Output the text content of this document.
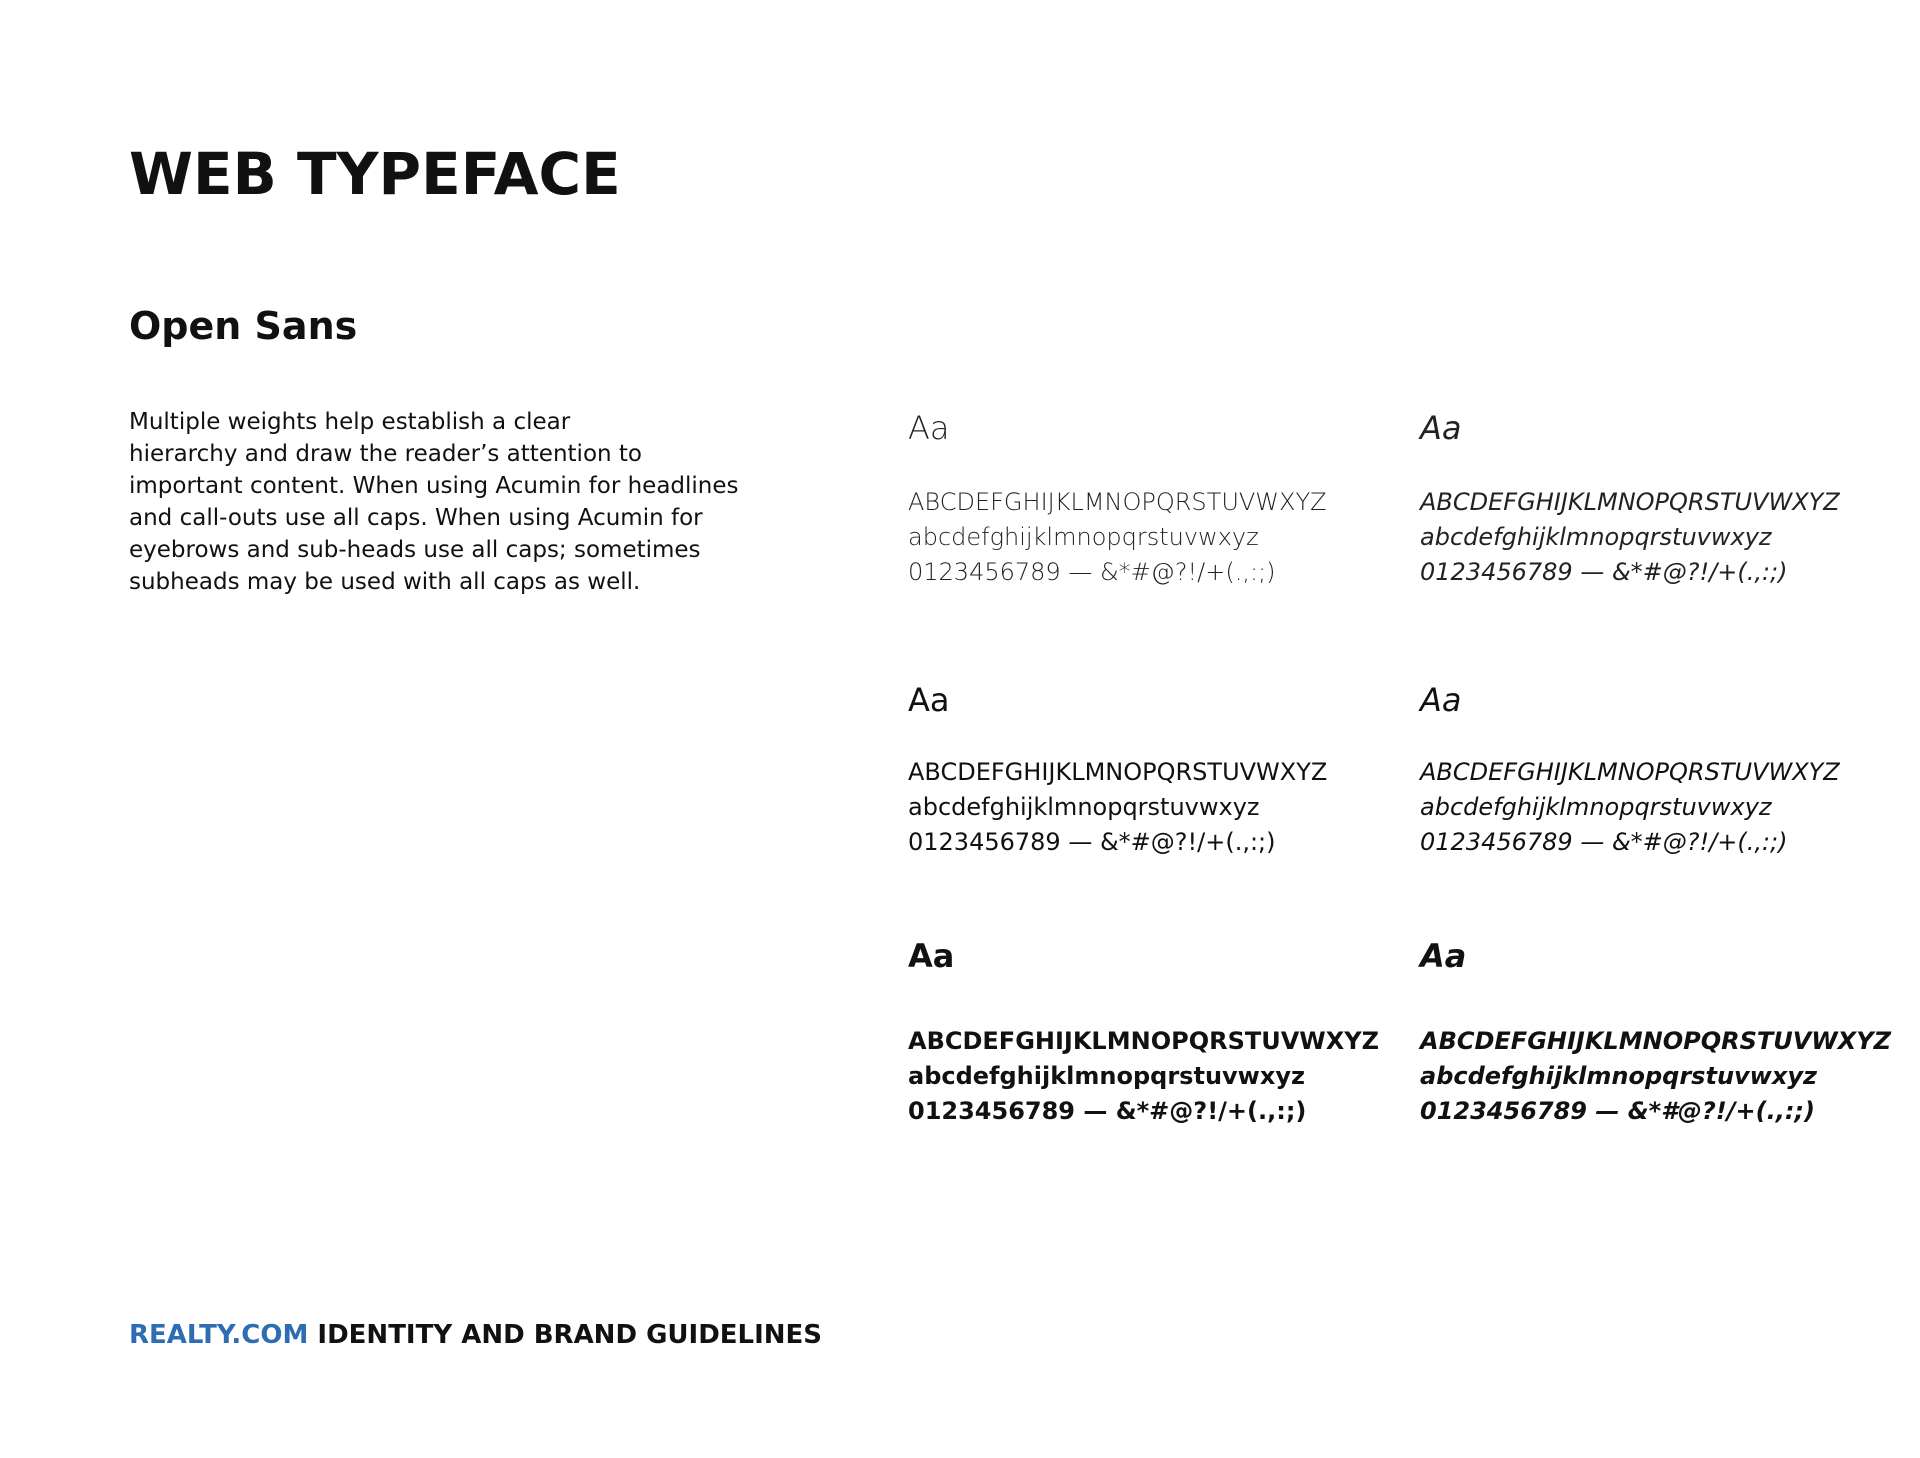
WEB TYPEFACE
Open Sans

Multiple weights help establish a clear
hierarchy and draw the reader’s attention to
important content. When using Acumin for headlines
and call-outs use all caps. When using Acumin for
eyebrows and sub-heads use all caps; sometimes
subheads may be used with all caps as well.

Aa
ABCDEFGHIJKLMNOPQRSTUVWXYZ
abcdefghijklmnopqrstuvwxyz
0123456789 — &*#@?!/+(.,:;)
Aa
ABCDEFGHIJKLMNOPQRSTUVWXYZ
abcdefghijklmnopqrstuvwxyz
0123456789 — &*#@?!/+(.,:;)
Aa
ABCDEFGHIJKLMNOPQRSTUVWXYZ
abcdefghijklmnopqrstuvwxyz
0123456789 — &*#@?!/+(.,:;)
Aa
ABCDEFGHIJKLMNOPQRSTUVWXYZ
abcdefghijklmnopqrstuvwxyz
0123456789 — &*#@?!/+(.,:;)
Aa
ABCDEFGHIJKLMNOPQRSTUVWXYZ
abcdefghijklmnopqrstuvwxyz
0123456789 — &*#@?!/+(.,:;)
Aa
ABCDEFGHIJKLMNOPQRSTUVWXYZ
abcdefghijklmnopqrstuvwxyz
0123456789 — &*#@?!/+(.,:;)

REALTY.COM IDENTITY AND BRAND GUIDELINES
